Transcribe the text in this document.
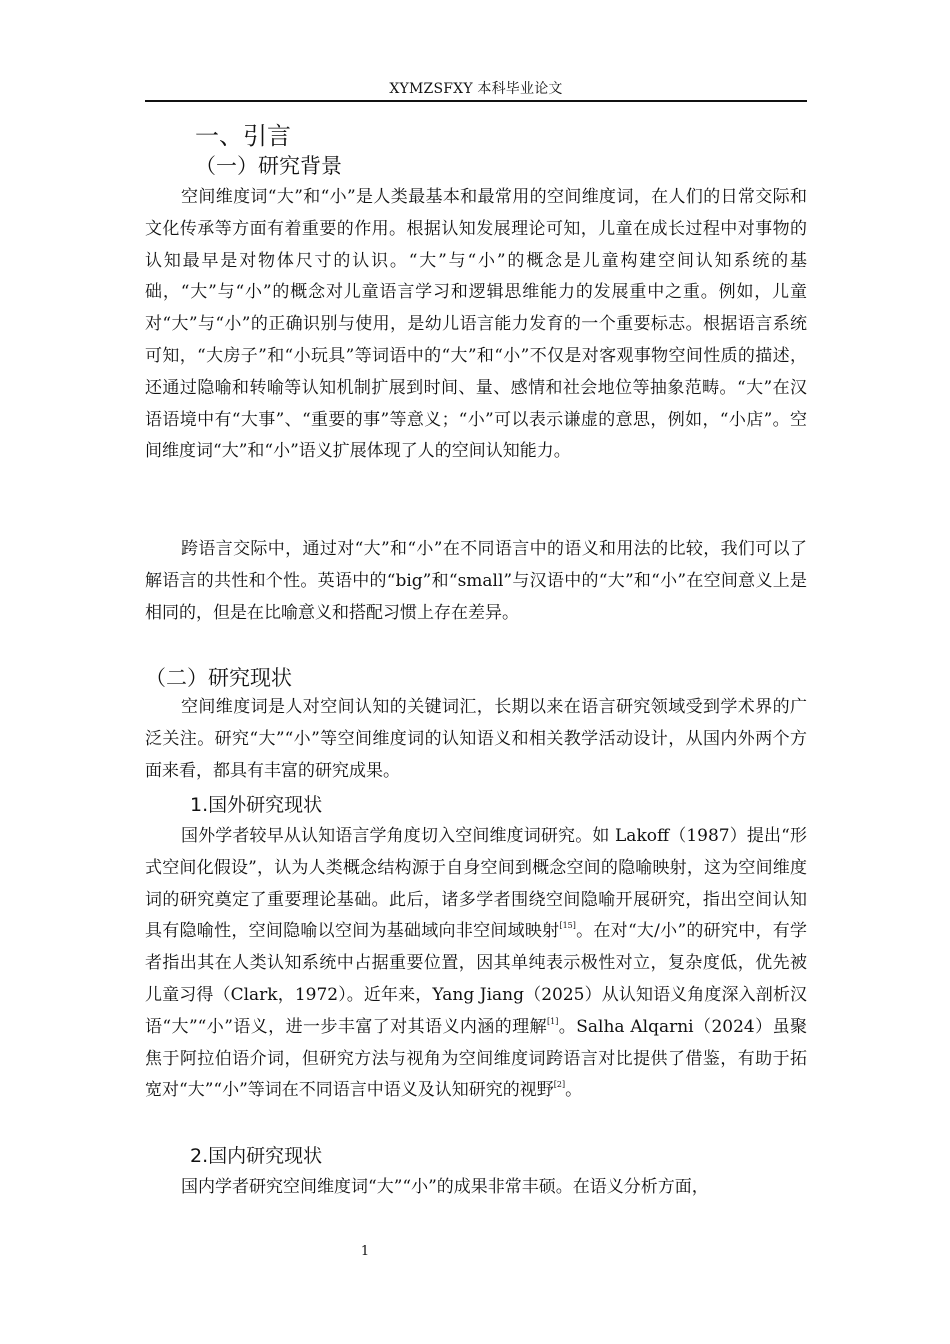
XYMZSFXY 本科毕业论文
一、引言
（一）研究背景

空间维度词“大”和“小”是人类最基本和最常用的空间维度词，在人们的日常交际和文化传承等方面有着重要的作用。根据认知发展理论可知，儿童在成长过程中对事物的认知最早是对物体尺寸的认识。“大”与“小”的概念是儿童构建空间认知系统的基础，“大”与“小”的概念对儿童语言学习和逻辑思维能力的发展重中之重。例如，儿童对“大”与“小”的正确识别与使用，是幼儿语言能力发育的一个重要标志。根据语言系统可知，“大房子”和“小玩具”等词语中的“大”和“小”不仅是对客观事物空间性质的描述，还通过隐喻和转喻等认知机制扩展到时间、量、感情和社会地位等抽象范畴。“大”在汉语语境中有“大事”、“重要的事”等意义；“小”可以表示谦虚的意思，例如，“小店”。空间维度词“大”和“小”语义扩展体现了人的空间认知能力。

跨语言交际中，通过对“大”和“小”在不同语言中的语义和用法的比较，我们可以了解语言的共性和个性。英语中的“big”和“small”与汉语中的“大”和“小”在空间意义上是相同的，但是在比喻意义和搭配习惯上存在差异。

（二）研究现状

空间维度词是人对空间认知的关键词汇，长期以来在语言研究领域受到学术界的广泛关注。研究“大”“小”等空间维度词的认知语义和相关教学活动设计，从国内外两个方面来看，都具有丰富的研究成果。

1.国外研究现状

国外学者较早从认知语言学角度切入空间维度词研究。如 Lakoff（1987）提出“形式空间化假设”，认为人类概念结构源于自身空间到概念空间的隐喻映射，这为空间维度词的研究奠定了重要理论基础。此后，诸多学者围绕空间隐喻开展研究，指出空间认知具有隐喻性，空间隐喻以空间为基础域向非空间域映射[15]。在对“大/小”的研究中，有学者指出其在人类认知系统中占据重要位置，因其单纯表示极性对立，复杂度低，优先被儿童习得（Clark，1972）。近年来，Yang Jiang（2025）从认知语义角度深入剖析汉语“大”“小”语义，进一步丰富了对其语义内涵的理解[1]。Salha Alqarni（2024）虽聚焦于阿拉伯语介词，但研究方法与视角为空间维度词跨语言对比提供了借鉴，有助于拓宽对“大”“小”等词在不同语言中语义及认知研究的视野[2]。

2.国内研究现状

国内学者研究空间维度词“大”“小”的成果非常丰硕。在语义分析方面，

1
